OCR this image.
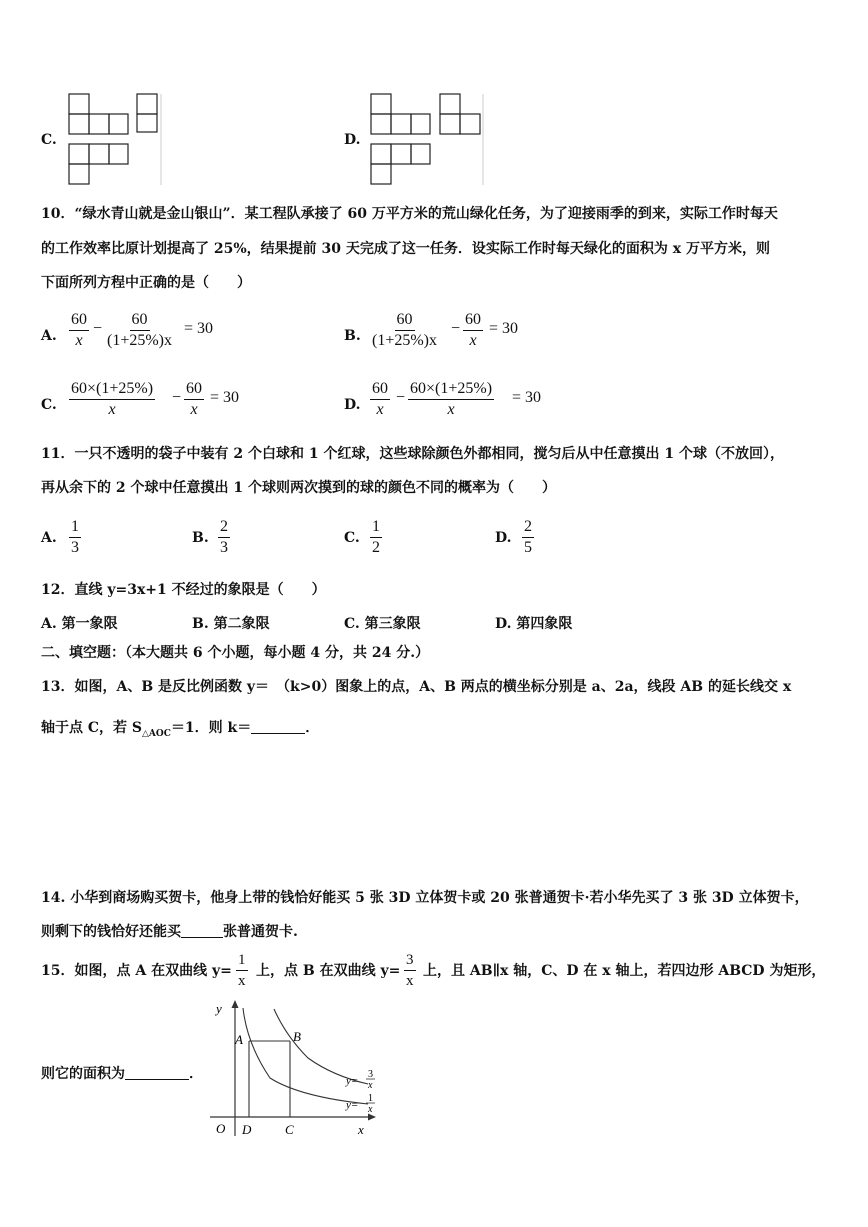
C.	D.
10．“绿水青山就是金山银山”．某工程队承接了 60 万平方米的荒山绿化任务，为了迎接雨季的到来，实际工作时每天
的工作效率比原计划提高了 25%，结果提前 30 天完成了这一任务．设实际工作时每天绿化的面积为 x 万平方米，则
下面所列方程中正确的是（　　）
A. $\frac{60}{x} - \frac{60}{(1+25\%)x} = 30$	B. $\frac{60}{(1+25\%)x} - \frac{60}{x} = 30$
C. $\frac{60\times(1+25\%)}{x} - \frac{60}{x} = 30$	D. $\frac{60}{x} - \frac{60\times(1+25\%)}{x} = 30$
11．一只不透明的袋子中装有 2 个白球和 1 个红球，这些球除颜色外都相同，搅匀后从中任意摸出 1 个球（不放回），
再从余下的 2 个球中任意摸出 1 个球则两次摸到的球的颜色不同的概率为（　　）
A. $\frac{1}{3}$	B. $\frac{2}{3}$	C. $\frac{1}{2}$	D. $\frac{2}{5}$
12．直线 y=3x+1 不经过的象限是（　　）
A. 第一象限	B. 第二象限	C. 第三象限	D. 第四象限
二、填空题：（本大题共 6 个小题，每小题 4 分，共 24 分.）
13．如图，A、B 是反比例函数 y＝　（k>0）图象上的点，A、B 两点的横坐标分别是 a、2a，线段 AB 的延长线交 x
轴于点 C，若 $S_{\triangle AOC}=1$．则 k＝	．
14. 小华到商场购买贺卡，他身上带的钱恰好能买 5 张 3D 立体贺卡或 20 张普通贺卡·若小华先买了 3 张 3D 立体贺卡，
则剩下的钱恰好还能买	张普通贺卡.
15．如图，点 A 在双曲线 $y= \frac{1}{x}$ 上，点 B 在双曲线 $y= \frac{3}{x}$ 上，且 AB∥x 轴，C、D 在 x 轴上，若四边形 ABCD 为矩形，
则它的面积为	．
y
x
O
A	B
C
D
y=
3
x
y=
1
x
